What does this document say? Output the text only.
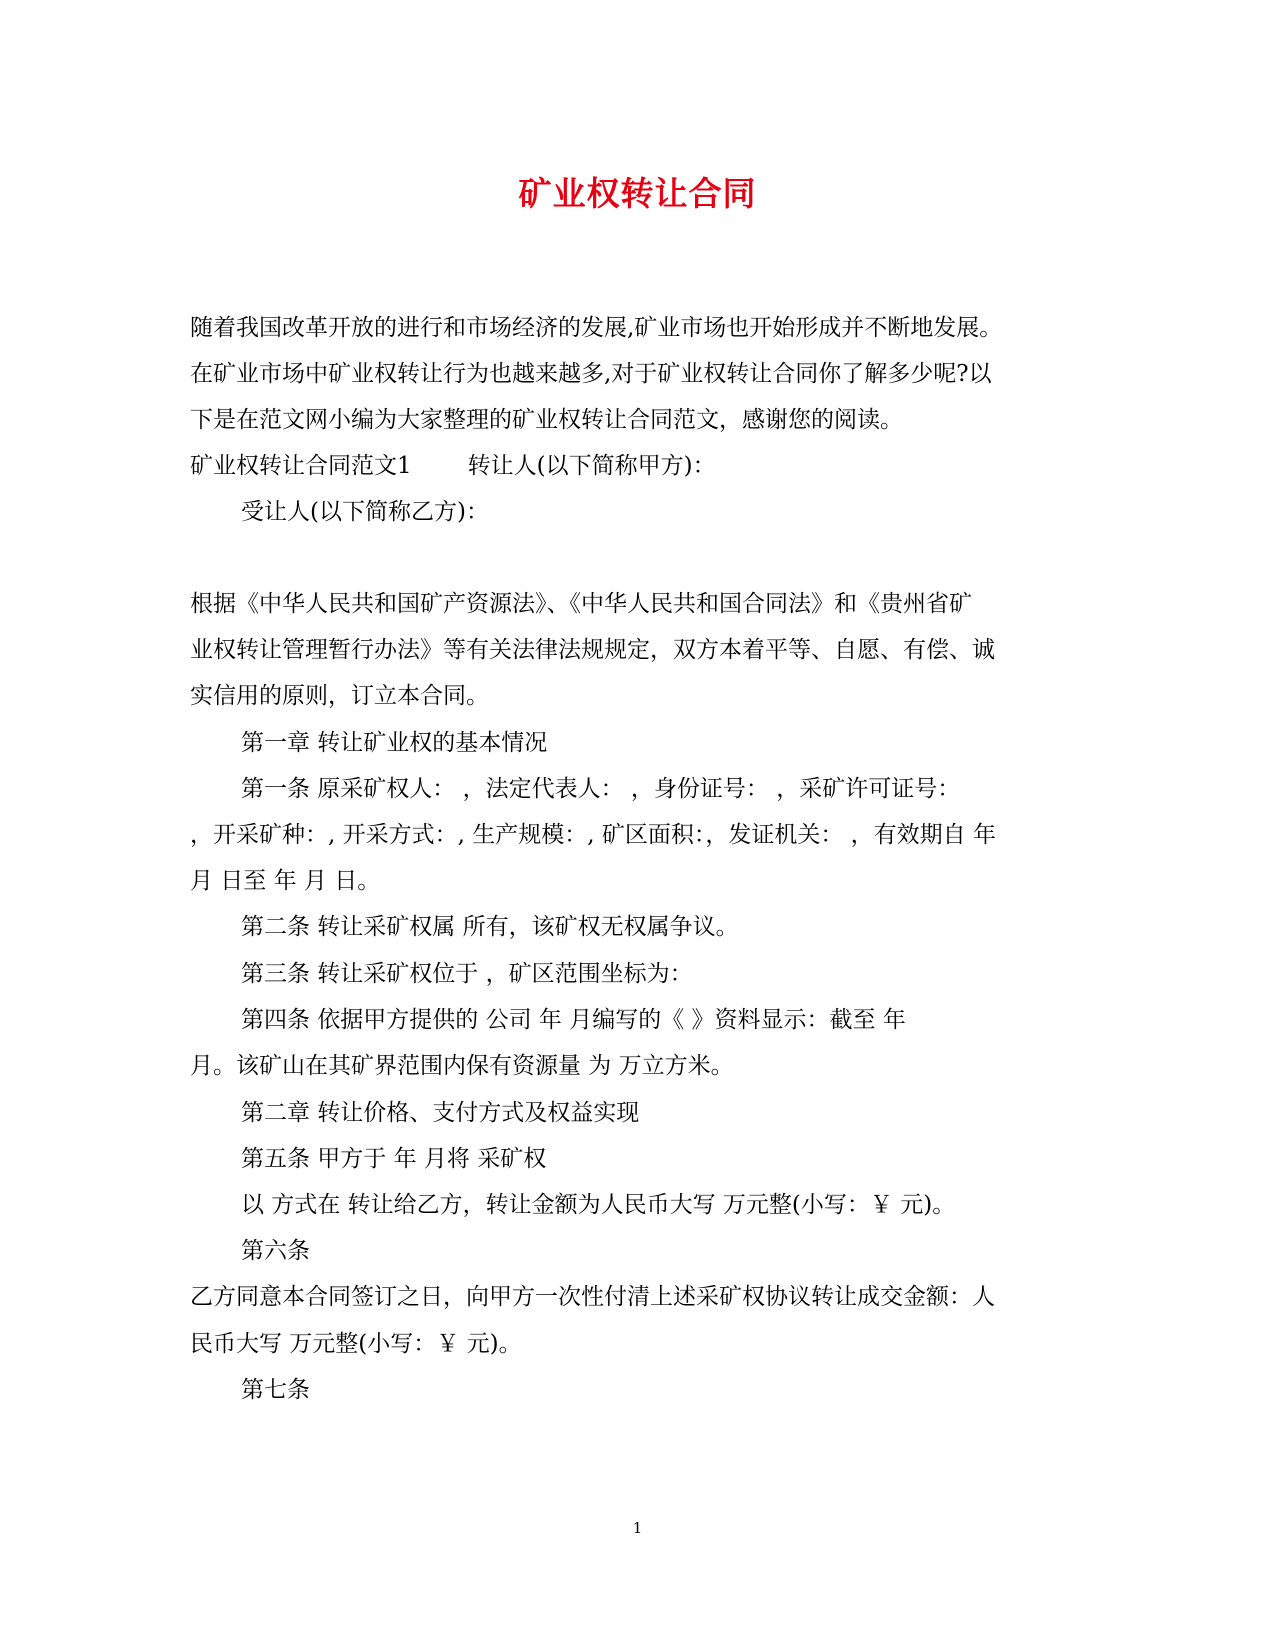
矿业权转让合同

随着我国改革开放的进行和市场经济的发展,矿业市场也开始形成并不断地发展。

在矿业市场中矿业权转让行为也越来越多,对于矿业权转让合同你了解多少呢?以

下是在范文网小编为大家整理的矿业权转让合同范文，感谢您的阅读。

矿业权转让合同范文1 转让人(以下简称甲方)：

受让人(以下简称乙方)：

根据《中华人民共和国矿产资源法》、《中华人民共和国合同法》和《贵州省矿

业权转让管理暂行办法》等有关法律法规规定，双方本着平等、自愿、有偿、诚

实信用的原则，订立本合同。

第一章 转让矿业权的基本情况

第一条 原采矿权人： ，法定代表人： ，身份证号： ，采矿许可证号：

，开采矿种：, 开采方式：, 生产规模：, 矿区面积：，发证机关： ，有效期自 年

月 日至 年 月 日。

第二条 转让采矿权属 所有，该矿权无权属争议。

第三条 转让采矿权位于 ，矿区范围坐标为：

第四条 依据甲方提供的 公司 年 月编写的《 》资料显示：截至 年

月。该矿山在其矿界范围内保有资源量 为 万立方米。

第二章 转让价格、支付方式及权益实现

第五条 甲方于 年 月将 采矿权

以 方式在 转让给乙方，转让金额为人民币大写 万元整(小写：￥ 元)。

第六条

乙方同意本合同签订之日，向甲方一次性付清上述采矿权协议转让成交金额：人

民币大写 万元整(小写：￥ 元)。

第七条

1
